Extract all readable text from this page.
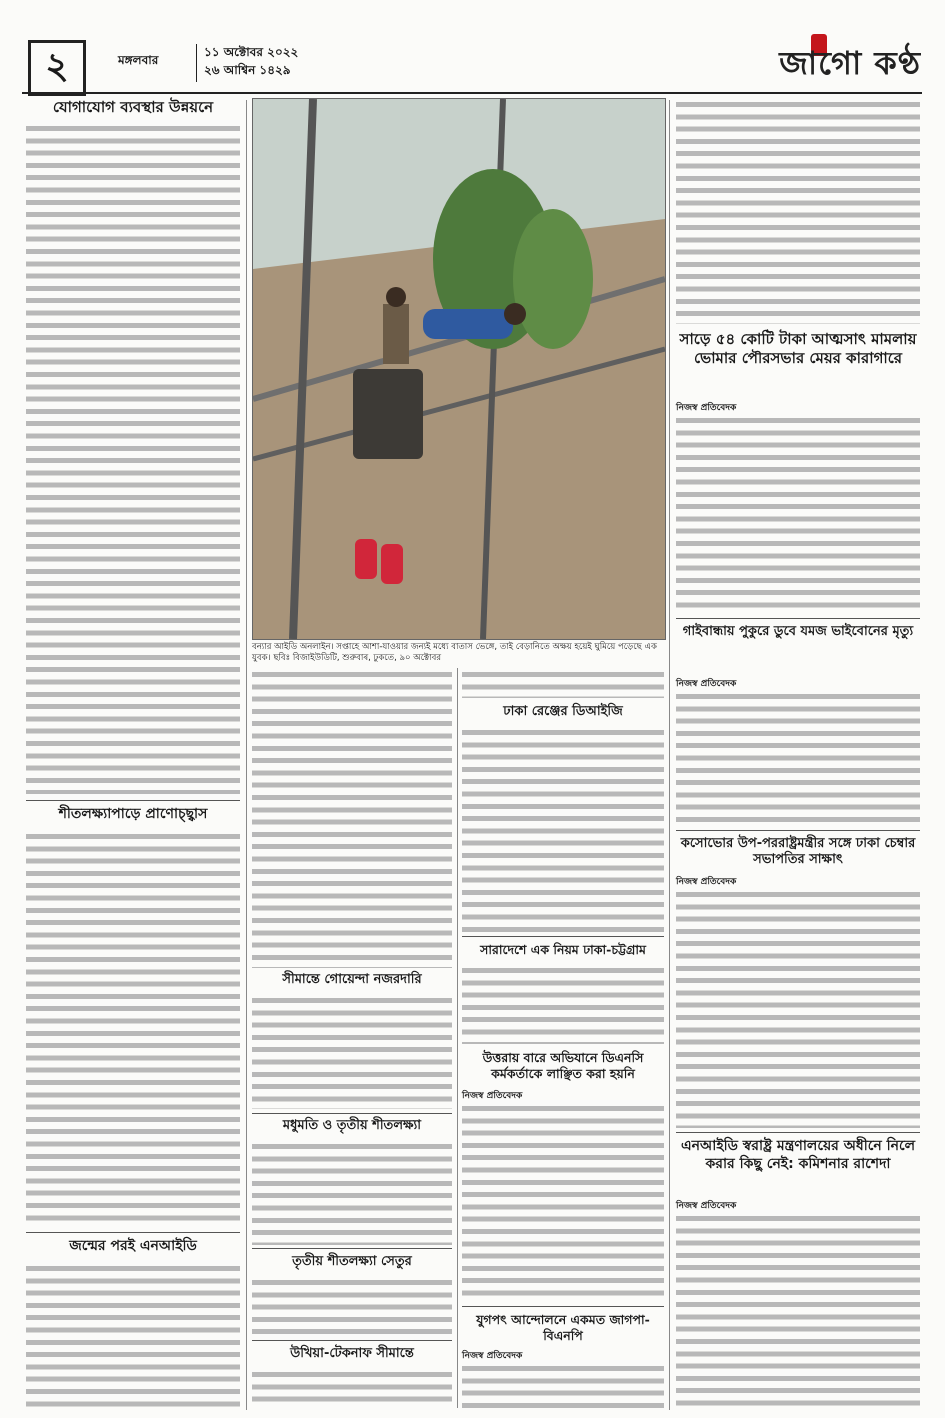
২	মঙ্গলবার
১১ অক্টোবর ২০২২
২৬ আশ্বিন ১৪২৯	জাগো কণ্ঠ
যোগাযোগ ব্যবস্থার উন্নয়নে
শীতলক্ষ্যাপাড়ে প্রাণোচ্ছ্বাস
জন্মের পরই এনআইডি
বন্যার আইডি অনলাইন। সপ্তাহে আশা-যাওয়ার জন্যই মধ্যে বাতাস ভেঙ্গে, তাই বেড়ানিতে অক্ষয় হয়েই ঘুমিয়ে পড়েছে এক যুবক। ছবিঃ বিজাইউডিটি, শুরুবাৰ, ঢুকতে, ৯০ অক্টোবর
সীমান্তে গোয়েন্দা নজরদারি
মধুমতি ও তৃতীয় শীতলক্ষ্যা
তৃতীয় শীতলক্ষ্যা সেতুর
উখিয়া-টেকনাফ সীমান্তে
ঢাকা রেঞ্জের ডিআইজি
সারাদেশে এক নিয়ম ঢাকা-চট্টগ্রাম
উত্তরায় বারে অভিযানে ডিএনসি কর্মকর্তাকে লাঞ্ছিত করা হয়নি
নিজস্ব প্রতিবেদক
যুগপৎ আন্দোলনে একমত জাগপা-বিএনপি
নিজস্ব প্রতিবেদক
সাড়ে ৫৪ কোটি টাকা আত্মসাৎ মামলায় ভোমার পৌরসভার মেয়র কারাগারে
নিজস্ব প্রতিবেদক
গাইবান্ধায় পুকুরে ডুবে যমজ ভাইবোনের মৃত্যু
নিজস্ব প্রতিবেদক
কসোভোর উপ-পররাষ্ট্রমন্ত্রীর সঙ্গে ঢাকা চেম্বার সভাপতির সাক্ষাৎ
নিজস্ব প্রতিবেদক
এনআইডি স্বরাষ্ট্র মন্ত্রণালয়ের অধীনে নিলে করার কিছু নেই: কমিশনার রাশেদা
নিজস্ব প্রতিবেদক
